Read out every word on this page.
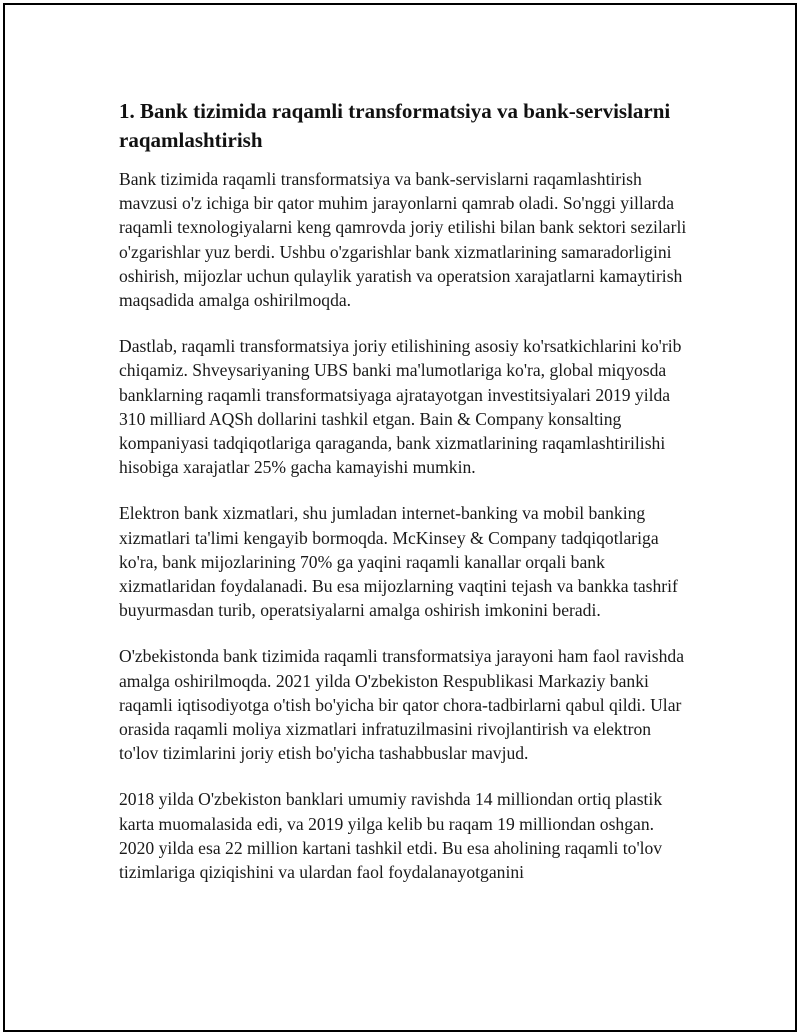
1. Bank tizimida raqamli transformatsiya va bank-servislarni raqamlashtirish

Bank tizimida raqamli transformatsiya va bank-servislarni raqamlashtirish mavzusi o'z ichiga bir qator muhim jarayonlarni qamrab oladi. So'nggi yillarda raqamli texnologiyalarni keng qamrovda joriy etilishi bilan bank sektori sezilarli o'zgarishlar yuz berdi. Ushbu o'zgarishlar bank xizmatlarining samaradorligini oshirish, mijozlar uchun qulaylik yaratish va operatsion xarajatlarni kamaytirish maqsadida amalga oshirilmoqda.

Dastlab, raqamli transformatsiya joriy etilishining asosiy ko'rsatkichlarini ko'rib chiqamiz. Shveysariyaning UBS banki ma'lumotlariga ko'ra, global miqyosda banklarning raqamli transformatsiyaga ajratayotgan investitsiyalari 2019 yilda 310 milliard AQSh dollarini tashkil etgan. Bain & Company konsalting kompaniyasi tadqiqotlariga qaraganda, bank xizmatlarining raqamlashtirilishi hisobiga xarajatlar 25% gacha kamayishi mumkin.

Elektron bank xizmatlari, shu jumladan internet-banking va mobil banking xizmatlari ta'limi kengayib bormoqda. McKinsey & Company tadqiqotlariga ko'ra, bank mijozlarining 70% ga yaqini raqamli kanallar orqali bank xizmatlaridan foydalanadi. Bu esa mijozlarning vaqtini tejash va bankka tashrif buyurmasdan turib, operatsiyalarni amalga oshirish imkonini beradi.

O'zbekistonda bank tizimida raqamli transformatsiya jarayoni ham faol ravishda amalga oshirilmoqda. 2021 yilda O'zbekiston Respublikasi Markaziy banki raqamli iqtisodiyotga o'tish bo'yicha bir qator chora-tadbirlarni qabul qildi. Ular orasida raqamli moliya xizmatlari infratuzilmasini rivojlantirish va elektron to'lov tizimlarini joriy etish bo'yicha tashabbuslar mavjud.

2018 yilda O'zbekiston banklari umumiy ravishda 14 milliondan ortiq plastik karta muomalasida edi, va 2019 yilga kelib bu raqam 19 milliondan oshgan. 2020 yilda esa 22 million kartani tashkil etdi. Bu esa aholining raqamli to'lov tizimlariga qiziqishini va ulardan faol foydalanayotganini
